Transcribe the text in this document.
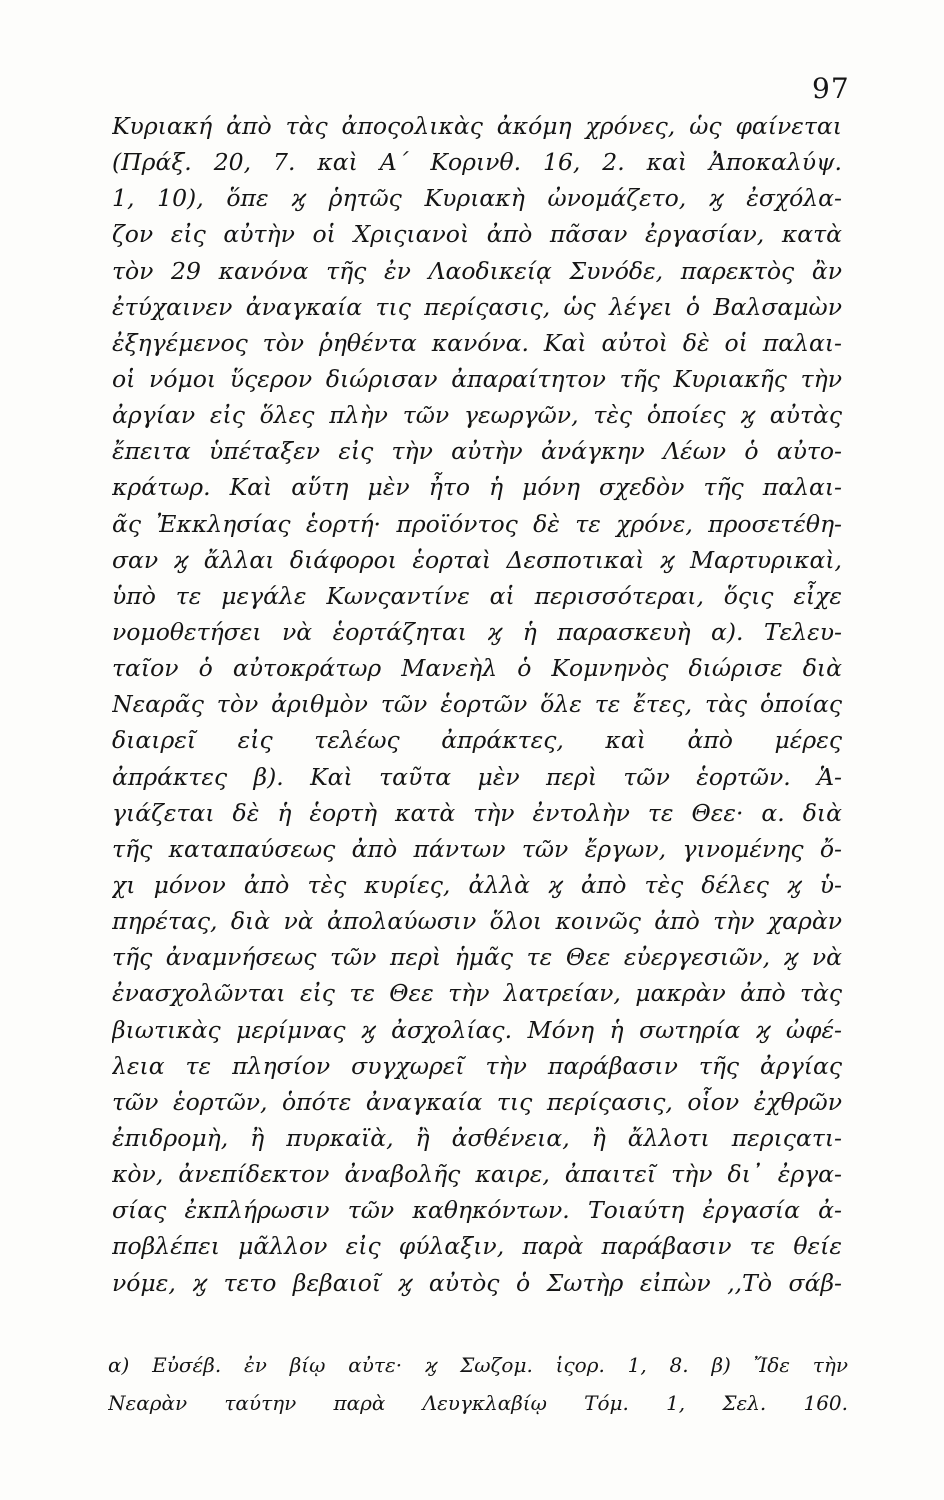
97
Κυριακή ἀπὸ τὰς ἀποςολικὰς ἀκόμη χρόνες, ὡς φαίνεται
(Πράξ. 20, 7. καὶ Α΄ Κορινθ. 16, 2. καὶ Ἀποκαλύψ.
1, 10), ὅπε ϗ ῥητῶς Κυριακὴ ὠνομάζετο, ϗ ἐσχόλα-
ζον εἰς αὐτὴν οἱ Χριςιανοὶ ἀπὸ πᾶσαν ἐργασίαν, κατὰ
τὸν 29 κανόνα τῆς ἐν Λαοδικείᾳ Συνόδε, παρεκτὸς ἂν
ἐτύχαινεν ἀναγκαία τις περίςασις, ὡς λέγει ὁ Βαλσαμὼν
ἐξηγέμενος τὸν ῥηθέντα κανόνα. Καὶ αὐτοὶ δὲ οἱ παλαι-
οἱ νόμοι ὕςερον διώρισαν ἀπαραίτητον τῆς Κυριακῆς τὴν
ἀργίαν εἰς ὅλες πλὴν τῶν γεωργῶν, τὲς ὁποίες ϗ αὐτὰς
ἔπειτα ὑπέταξεν εἰς τὴν αὐτὴν ἀνάγκην Λέων ὁ αὐτο-
κράτωρ. Καὶ αὕτη μὲν ἦτο ἡ μόνη σχεδὸν τῆς παλαι-
ᾶς Ἐκκλησίας ἑορτή· προϊόντος δὲ τε χρόνε, προσετέθη-
σαν ϗ ἄλλαι διάφοροι ἑορταὶ Δεσποτικαὶ ϗ Μαρτυρικαὶ,
ὑπὸ τε μεγάλε Κωνςαντίνε αἱ περισσότεραι, ὅςις εἶχε
νομοθετήσει νὰ ἑορτάζηται ϗ ἡ παρασκευὴ α). Τελευ-
ταῖον ὁ αὐτοκράτωρ Μανεὴλ ὁ Κομνηνὸς διώρισε διὰ
Νεαρᾶς τὸν ἀριθμὸν τῶν ἑορτῶν ὅλε τε ἔτες, τὰς ὁποίας
διαιρεῖ εἰς τελέως ἀπράκτες, καὶ ἀπὸ μέρες
ἀπράκτες β). Καὶ ταῦτα μὲν περὶ τῶν ἑορτῶν. Ἁ-
γιάζεται δὲ ἡ ἑορτὴ κατὰ τὴν ἐντολὴν τε Θεε· α. διὰ
τῆς καταπαύσεως ἀπὸ πάντων τῶν ἔργων, γινομένης ὄ-
χι μόνον ἀπὸ τὲς κυρίες, ἀλλὰ ϗ ἀπὸ τὲς δέλες ϗ ὑ-
πηρέτας, διὰ νὰ ἀπολαύωσιν ὅλοι κοινῶς ἀπὸ τὴν χαρὰν
τῆς ἀναμνήσεως τῶν περὶ ἡμᾶς τε Θεε εὐεργεσιῶν, ϗ νὰ
ἐνασχολῶνται εἰς τε Θεε τὴν λατρείαν, μακρὰν ἀπὸ τὰς
βιωτικὰς μερίμνας ϗ ἀσχολίας. Μόνη ἡ σωτηρία ϗ ὠφέ-
λεια τε πλησίον συγχωρεῖ τὴν παράβασιν τῆς ἀργίας
τῶν ἑορτῶν, ὁπότε ἀναγκαία τις περίςασις, οἷον ἐχθρῶν
ἐπιδρομὴ, ἢ πυρκαϊὰ, ἢ ἀσθένεια, ἢ ἄλλοτι περιςατι-
κὸν, ἀνεπίδεκτον ἀναβολῆς καιρε, ἀπαιτεῖ τὴν δι᾽ ἐργα-
σίας ἐκπλήρωσιν τῶν καθηκόντων. Τοιαύτη ἐργασία ἀ-
ποβλέπει μᾶλλον εἰς φύλαξιν, παρὰ παράβασιν τε θείε
νόμε, ϗ τετο βεβαιοῖ ϗ αὐτὸς ὁ Σωτὴρ εἰπὼν ,,Τὸ σάβ-
α) Εὐσέβ. ἐν βίῳ αὐτε· ϗ Σωζομ. ἱςορ. 1, 8. β) Ἴδε τὴν
Νεαρὰν ταύτην παρὰ Λευγκλαβίῳ Τόμ. 1, Σελ. 160.
